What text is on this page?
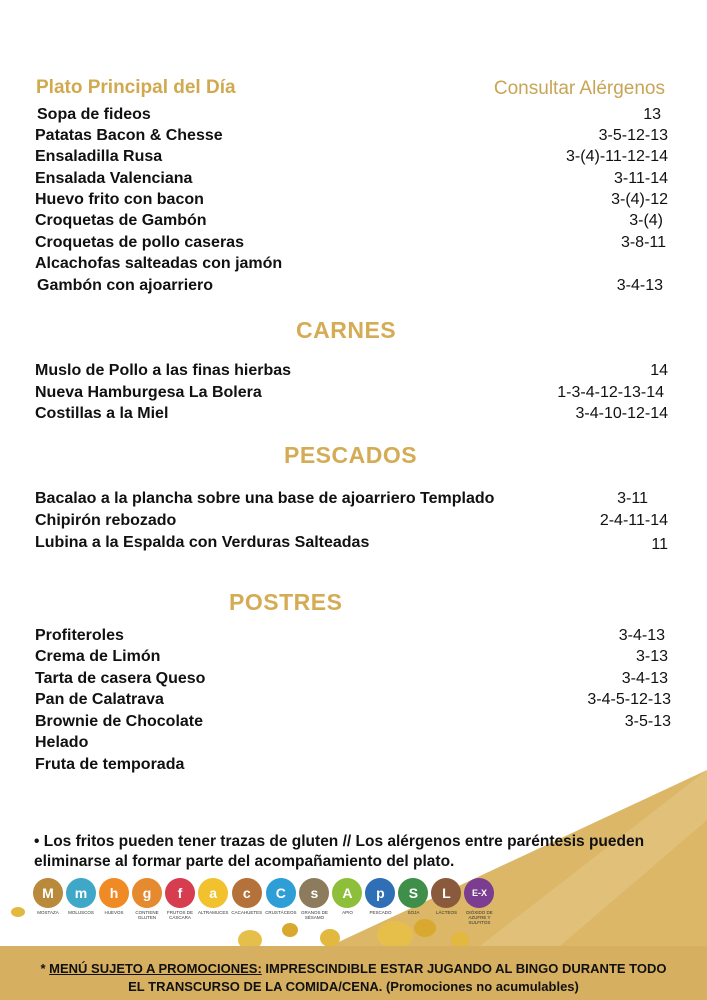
Plato Principal del Día	Consultar Alérgenos
Sopa de fideos	13
Patatas Bacon & Chesse	3-5-12-13
Ensaladilla Rusa	3-(4)-11-12-14
Ensalada Valenciana	3-11-14
Huevo frito con bacon	3-(4)-12
Croquetas de Gambón	3-(4)
Croquetas de pollo caseras	3-8-11
Alcachofas salteadas con jamón
Gambón con ajoarriero	3-4-13
CARNES
Muslo de Pollo a las finas hierbas	14
Nueva Hamburgesa La Bolera	1-3-4-12-13-14
Costillas a la Miel	3-4-10-12-14
PESCADOS
Bacalao a la plancha sobre una base de ajoarriero Templado	3-11
Chipirón rebozado	2-4-11-14
Lubina a la Espalda con Verduras Salteadas	11
POSTRES
Profiteroles	3-4-13
Crema de Limón	3-13
Tarta de casera Queso	3-4-13
Pan de Calatrava	3-4-5-12-13
Brownie de Chocolate	3-5-13
Helado
Fruta de temporada
• Los fritos pueden tener trazas de gluten // Los alérgenos entre paréntesis pueden eliminarse al formar parte del acompañamiento del plato.
M
MOSTAZA
m
MOLUSCOS
h
HUEVOS
g
CONTIENE GLUTEN
f
FRUTOS DE CÁSCARA
a
ALTRAMUCES
c
CACAHUETES
C
CRUSTÁCEOS
s
GRANOS DE SÉSAMO
A
APIO
p
PESCADO
S
SOJA
L
LÁCTEOS
E-X
DIÓXIDO DE AZUFRE Y SULFITOS
* MENÚ SUJETO A PROMOCIONES: IMPRESCINDIBLE ESTAR JUGANDO AL BINGO DURANTE TODO
EL TRANSCURSO DE LA COMIDA/CENA. (Promociones no acumulables)
